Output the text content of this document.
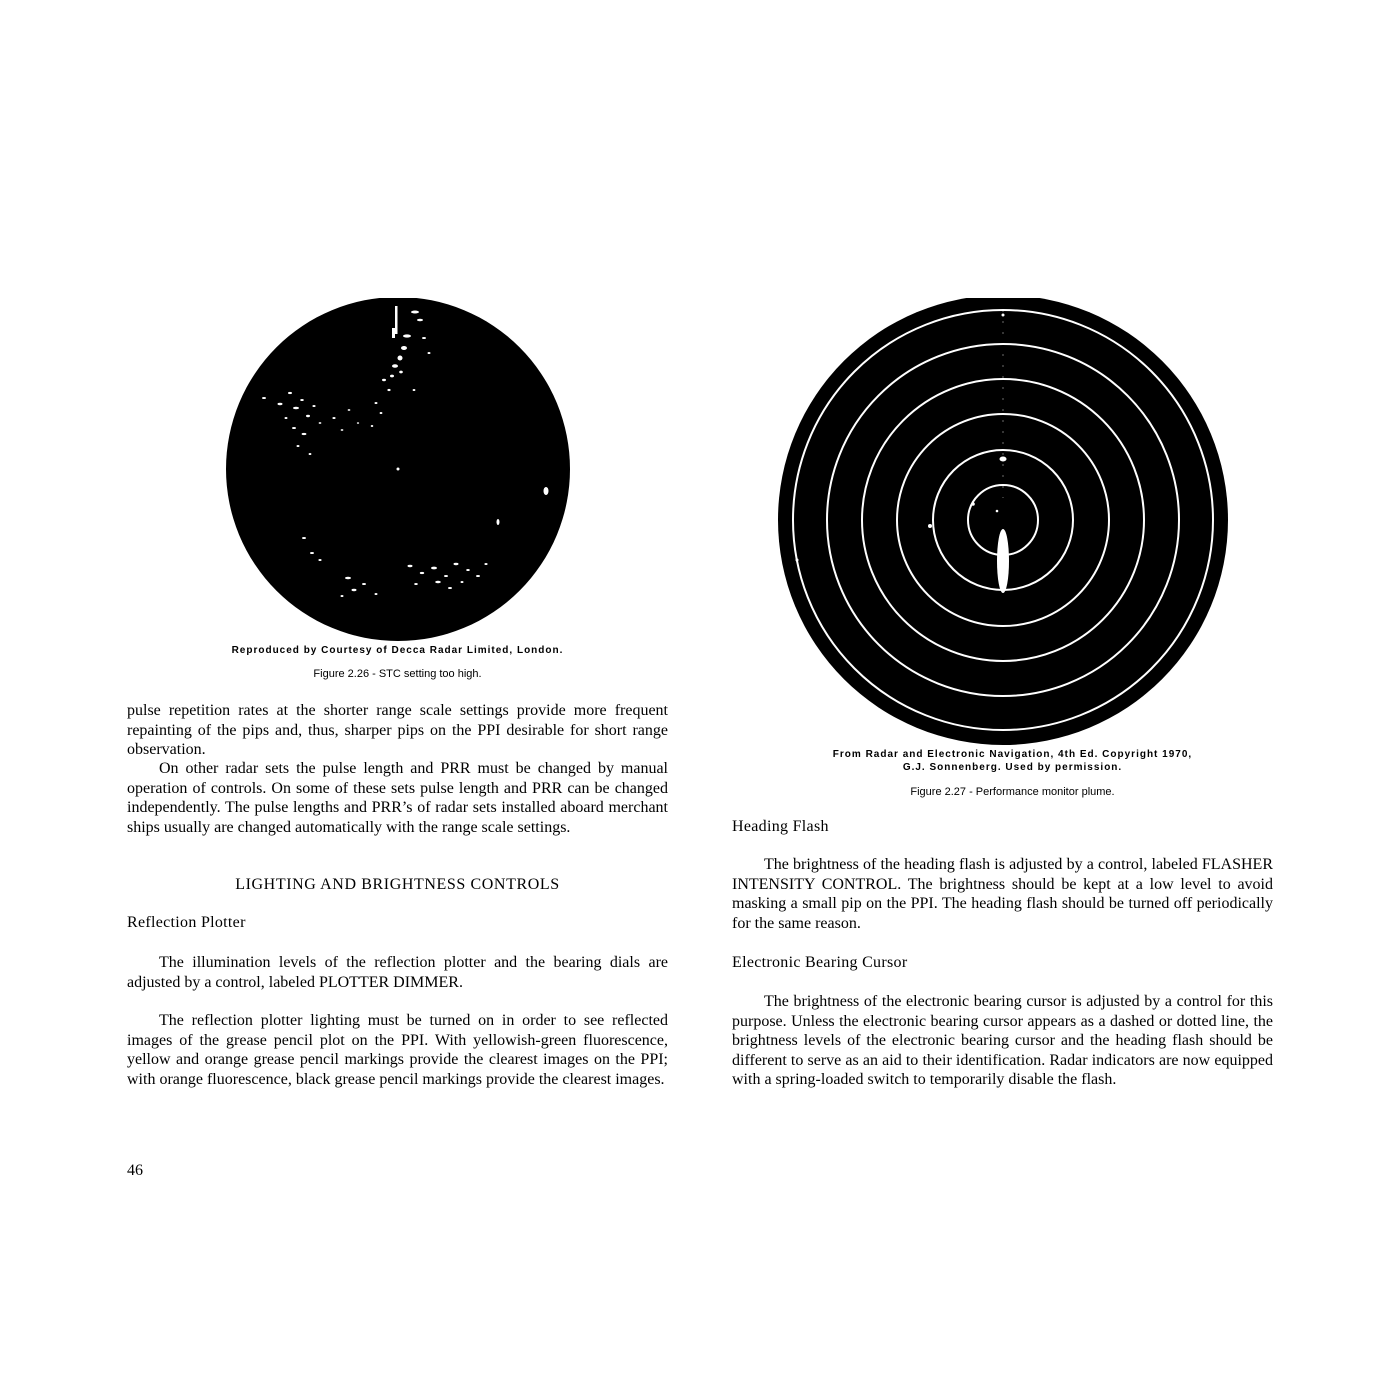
Reproduced by Courtesy of Decca Radar Limited, London.
Figure 2.26 - STC setting too high.

pulse repetition rates at the shorter range scale settings provide more frequent repainting of the pips and, thus, sharper pips on the PPI desirable for short range observation.

On other radar sets the pulse length and PRR must be changed by manual operation of controls. On some of these sets pulse length and PRR can be changed independently. The pulse lengths and PRR’s of radar sets installed aboard merchant ships usually are changed automatically with the range scale settings.

LIGHTING AND BRIGHTNESS CONTROLS

Reflection Plotter

The illumination levels of the reflection plotter and the bearing dials are adjusted by a control, labeled PLOTTER DIMMER.

The reflection plotter lighting must be turned on in order to see reflected images of the grease pencil plot on the PPI. With yellowish-green fluorescence, yellow and orange grease pencil markings provide the clearest images on the PPI; with orange fluorescence, black grease pencil markings provide the clearest images.

From Radar and Electronic Navigation, 4th Ed. Copyright 1970,
G.J. Sonnenberg. Used by permission.
Figure 2.27 - Performance monitor plume.

Heading Flash

The brightness of the heading flash is adjusted by a control, labeled FLASHER INTENSITY CONTROL. The brightness should be kept at a low level to avoid masking a small pip on the PPI. The heading flash should be turned off periodically for the same reason.

Electronic Bearing Cursor

The brightness of the electronic bearing cursor is adjusted by a control for this purpose. Unless the electronic bearing cursor appears as a dashed or dotted line, the brightness levels of the electronic bearing cursor and the heading flash should be different to serve as an aid to their identification. Radar indicators are now equipped with a spring-loaded switch to temporarily disable the flash.

46
